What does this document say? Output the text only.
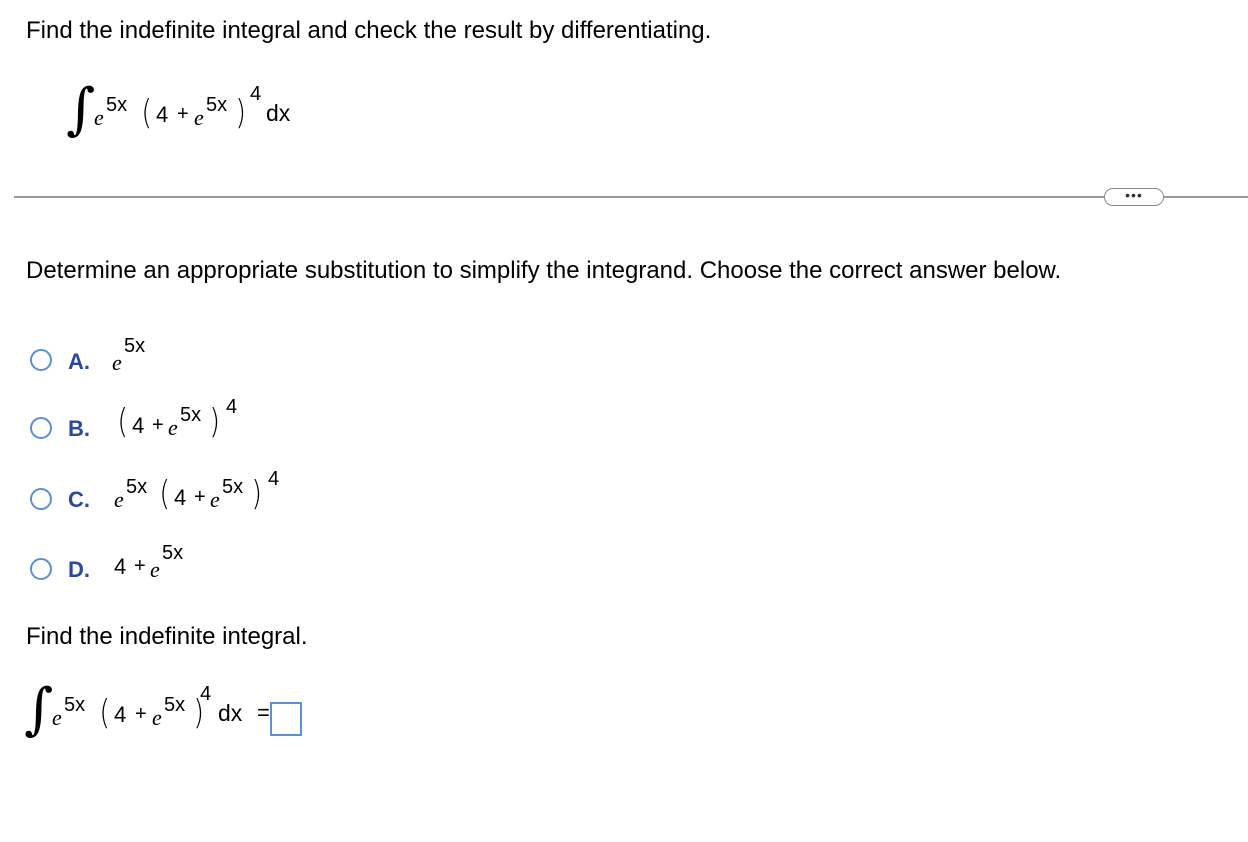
Find the indefinite integral and check the result by differentiating.
∫
e 5x ( 4 + e 5x ) 4
dx
•••
Determine an appropriate substitution to simplify the integrand. Choose the correct answer below.
A. e
5x
B. ( 4 + e 5x ) 4
C. e 5x ( 4 + e 5x ) 4
D. 4 + e
5x
Find the indefinite integral.
∫
e 5x ( 4 + e 5x )
4
dx =
